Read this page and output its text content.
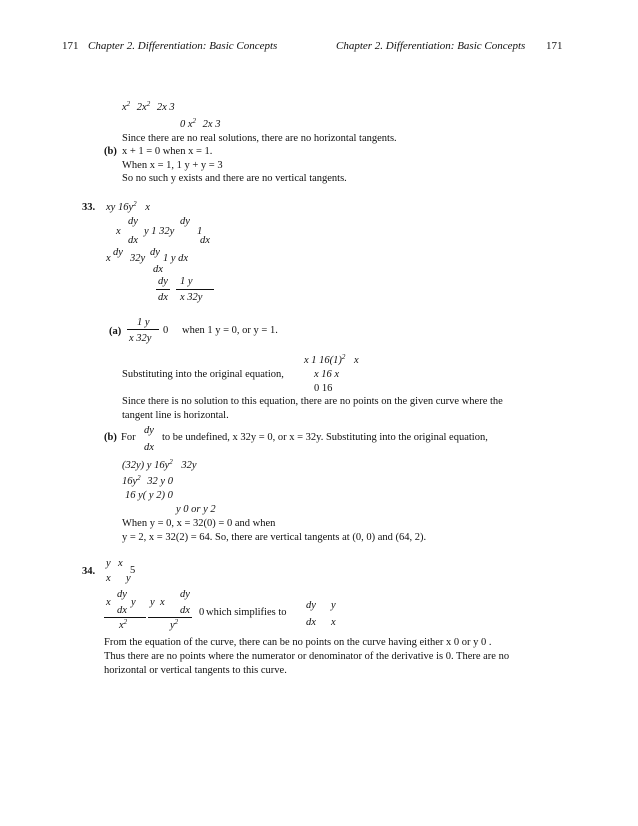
171 Chapter 2. Differentiation: Basic Concepts	Chapter 2. Differentiation: Basic Concepts 171
$x^2$ $2x^2$ 2x 3
0 $x^2$ 2x 3
Since there are no real solutions, there are no horizontal tangents.
(b) x + 1 = 0 when x = 1.
When x = 1, 1 y + y = 3
So no such y exists and there are no vertical tangents.
33. xy $16y^2$ x
dy
x
dx
y 1 32y
dy
1
dx
x
dy
32y
dy
1 y dx
dx
dy 1 y
dx x 32y
(a)
1 y
x 32y
0 when 1 y = 0, or y = 1.
x 1 $16(1)^2$ x
Substituting into the original equation,	x 16 x
0 16
Since there is no solution to this equation, there are no points on the given curve where the
tangent line is horizontal.
(b) For
dy
dx
to be undefined, x 32y = 0, or x = 32y. Substituting into the original equation,
(32y) y $16y^2$ 32y
$16y^2$ 32 y 0
16 y( y 2) 0
y 0 or y 2
When y = 0, x = 32(0) = 0 and when
y = 2, x = 32(2) = 64. So, there are vertical tangents at (0, 0) and (64, 2).
34.
y x
x y
5
dy
x y
dx
$x^2$
y x
dy
dx
$y^2$
0 which simplifies to
dy
dx
y
x
From the equation of the curve, there can be no points on the curve having either x 0 or y 0 .
Thus there are no points where the numerator or denominator of the derivative is 0. There are no
horizontal or vertical tangents to this curve.
